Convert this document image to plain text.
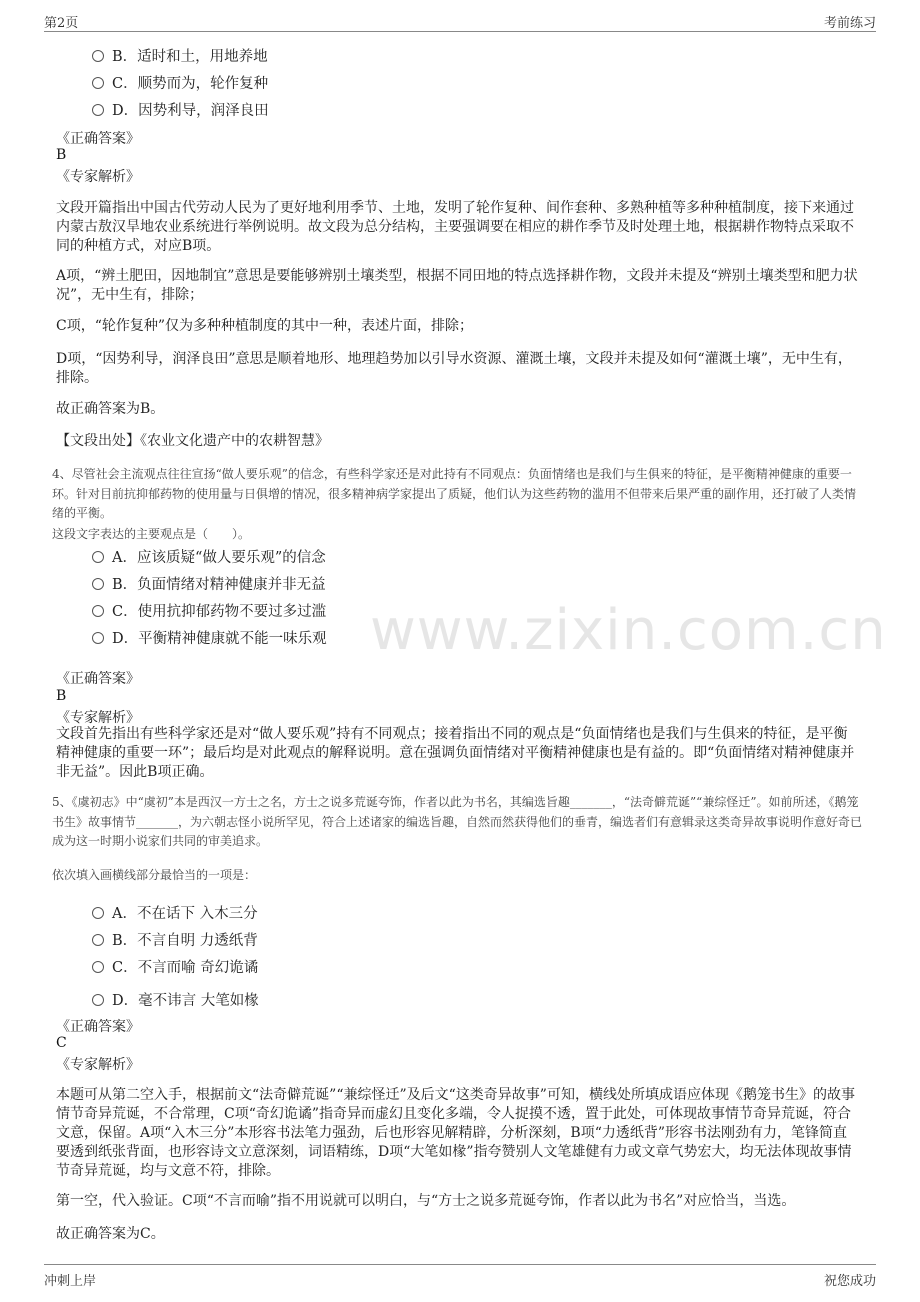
第2页	考前练习
www.zixin.com.cn
B．适时和土，用地养地
C．顺势而为，轮作复种
D．因势利导，润泽良田
《正确答案》
B
《专家解析》
文段开篇指出中国古代劳动人民为了更好地利用季节、土地，发明了轮作复种、间作套种、多熟种植等多种种植制度，接下来通过内蒙古敖汉旱地农业系统进行举例说明。故文段为总分结构，主要强调要在相应的耕作季节及时处理土地，根据耕作物特点采取不同的种植方式，对应B项。
A项，“辨土肥田，因地制宜”意思是要能够辨别土壤类型，根据不同田地的特点选择耕作物，文段并未提及“辨别土壤类型和肥力状况”，无中生有，排除；
C项，“轮作复种”仅为多种种植制度的其中一种，表述片面，排除；
D项，“因势利导，润泽良田”意思是顺着地形、地理趋势加以引导水资源、灌溉土壤，文段并未提及如何“灌溉土壤”，无中生有，排除。
故正确答案为B。
【文段出处】《农业文化遗产中的农耕智慧》
4、尽管社会主流观点往往宣扬“做人要乐观”的信念，有些科学家还是对此持有不同观点：负面情绪也是我们与生俱来的特征，是平衡精神健康的重要一环。针对目前抗抑郁药物的使用量与日俱增的情况，很多精神病学家提出了质疑，他们认为这些药物的滥用不但带来后果严重的副作用，还打破了人类情绪的平衡。
这段文字表达的主要观点是（　　）。
A．应该质疑“做人要乐观”的信念
B．负面情绪对精神健康并非无益
C．使用抗抑郁药物不要过多过滥
D．平衡精神健康就不能一味乐观
《正确答案》
B
《专家解析》
文段首先指出有些科学家还是对“做人要乐观”持有不同观点；接着指出不同的观点是“负面情绪也是我们与生俱来的特征，是平衡精神健康的重要一环”；最后均是对此观点的解释说明。意在强调负面情绪对平衡精神健康也是有益的。即“负面情绪对精神健康并非无益”。因此B项正确。
5、《虞初志》中“虞初”本是西汉一方士之名，方士之说多荒诞夸饰，作者以此为书名，其编选旨趣_______，“法奇僻荒诞”“兼综怪迁”。如前所述，《鹅笼书生》故事情节_______，为六朝志怪小说所罕见，符合上述诸家的编选旨趣，自然而然获得他们的垂青，编选者们有意辑录这类奇异故事说明作意好奇已成为这一时期小说家们共同的审美追求。
依次填入画横线部分最恰当的一项是：
A．不在话下 入木三分
B．不言自明 力透纸背
C．不言而喻 奇幻诡谲
D．毫不讳言 大笔如椽
《正确答案》
C
《专家解析》
本题可从第二空入手，根据前文“法奇僻荒诞”“兼综怪迁”及后文“这类奇异故事”可知，横线处所填成语应体现《鹅笼书生》的故事情节奇异荒诞，不合常理，C项“奇幻诡谲”指奇异而虚幻且变化多端，令人捉摸不透，置于此处，可体现故事情节奇异荒诞，符合文意，保留。A项“入木三分”本形容书法笔力强劲，后也形容见解精辟，分析深刻，B项“力透纸背”形容书法刚劲有力，笔锋简直要透到纸张背面，也形容诗文立意深刻，词语精练，D项“大笔如椽”指夸赞别人文笔雄健有力或文章气势宏大，均无法体现故事情节奇异荒诞，均与文意不符，排除。
第一空，代入验证。C项“不言而喻”指不用说就可以明白，与“方士之说多荒诞夸饰，作者以此为书名”对应恰当，当选。
故正确答案为C。
冲刺上岸	祝您成功
